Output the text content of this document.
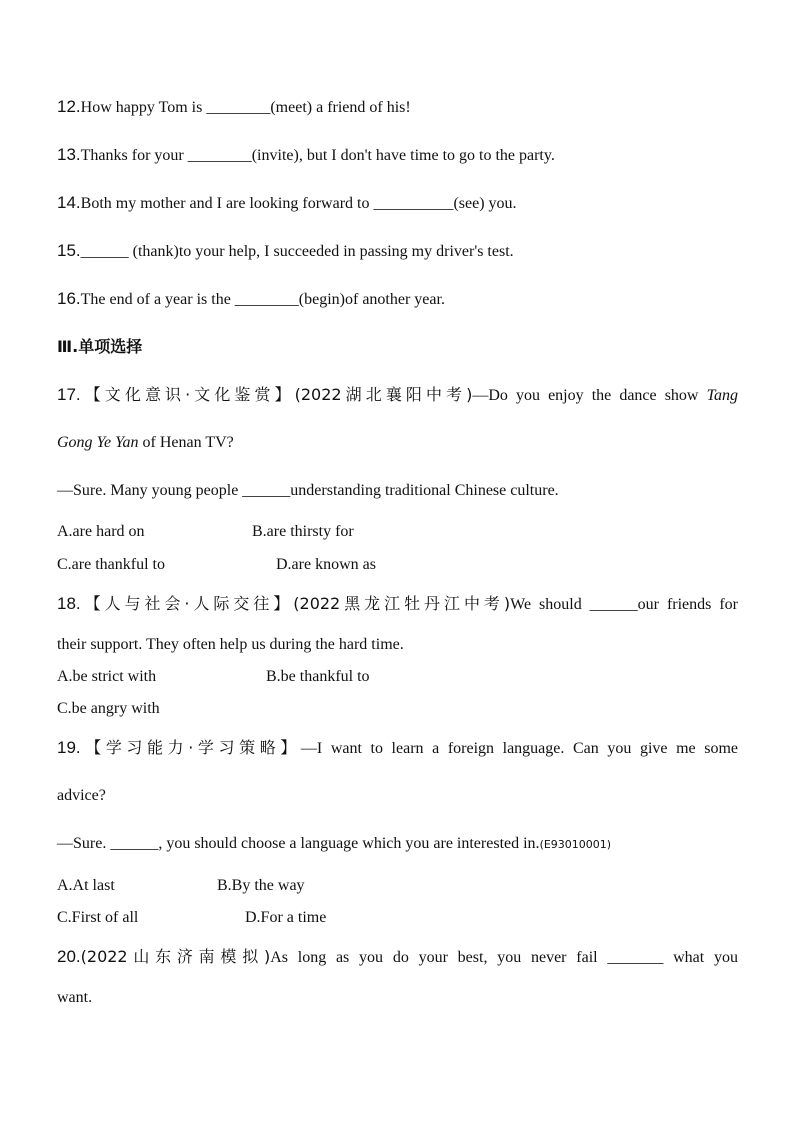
12.How happy Tom is ________(meet) a friend of his!
13.Thanks for your ________(invite), but I don't have time to go to the party.
14.Both my mother and I are looking forward to __________(see) you.
15.______ (thank)to your help, I succeeded in passing my driver's test.
16.The end of a year is the ________(begin)of another year.
Ⅲ.单项选择
17.【文化意识·文化鉴赏】(2022湖北襄阳中考)—Do you enjoy the dance show Tang
Gong Ye Yan of Henan TV?
—Sure. Many young people ______understanding traditional Chinese culture.
A.are hard on	B.are thirsty for
C.are thankful to	D.are known as
18.【人与社会·人际交往】(2022黑龙江牡丹江中考)We should ______our friends for
their support. They often help us during the hard time.
A.be strict with	B.be thankful to
C.be angry with
19.【学习能力·学习策略】—I want to learn a foreign language. Can you give me some
advice?
—Sure. ______, you should choose a language which you are interested in.(E93010001)
A.At last	B.By the way
C.First of all	D.For a time
20.(2022山东济南模拟)As long as you do your best, you never fail _______ what you
want.
